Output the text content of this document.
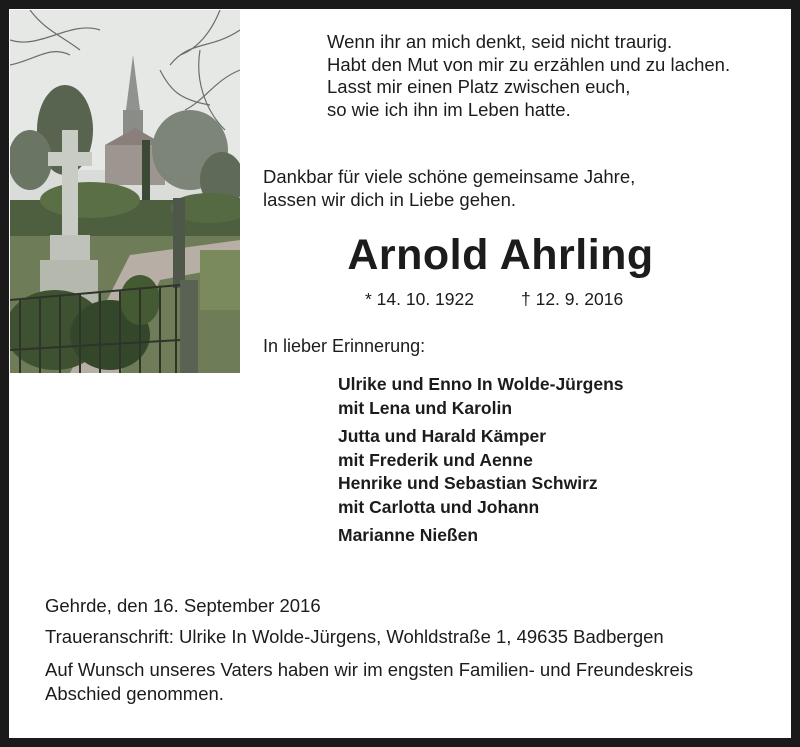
Wenn ihr an mich denkt, seid nicht traurig.
Habt den Mut von mir zu erzählen und zu lachen.
Lasst mir einen Platz zwischen euch,
so wie ich ihn im Leben hatte.
Dankbar für viele schöne gemeinsame Jahre,
lassen wir dich in Liebe gehen.
Arnold Ahrling
* 14. 10. 1922	† 12. 9. 2016
In lieber Erinnerung:
Ulrike und Enno In Wolde-Jürgens
mit Lena und Karolin
Jutta und Harald Kämper
mit Frederik und Aenne
Henrike und Sebastian Schwirz
mit Carlotta und Johann
Marianne Nießen
Gehrde, den 16. September 2016
Traueranschrift: Ulrike In Wolde-Jürgens, Wohldstraße 1, 49635 Badbergen
Auf Wunsch unseres Vaters haben wir im engsten Familien- und Freundeskreis
Abschied genommen.
